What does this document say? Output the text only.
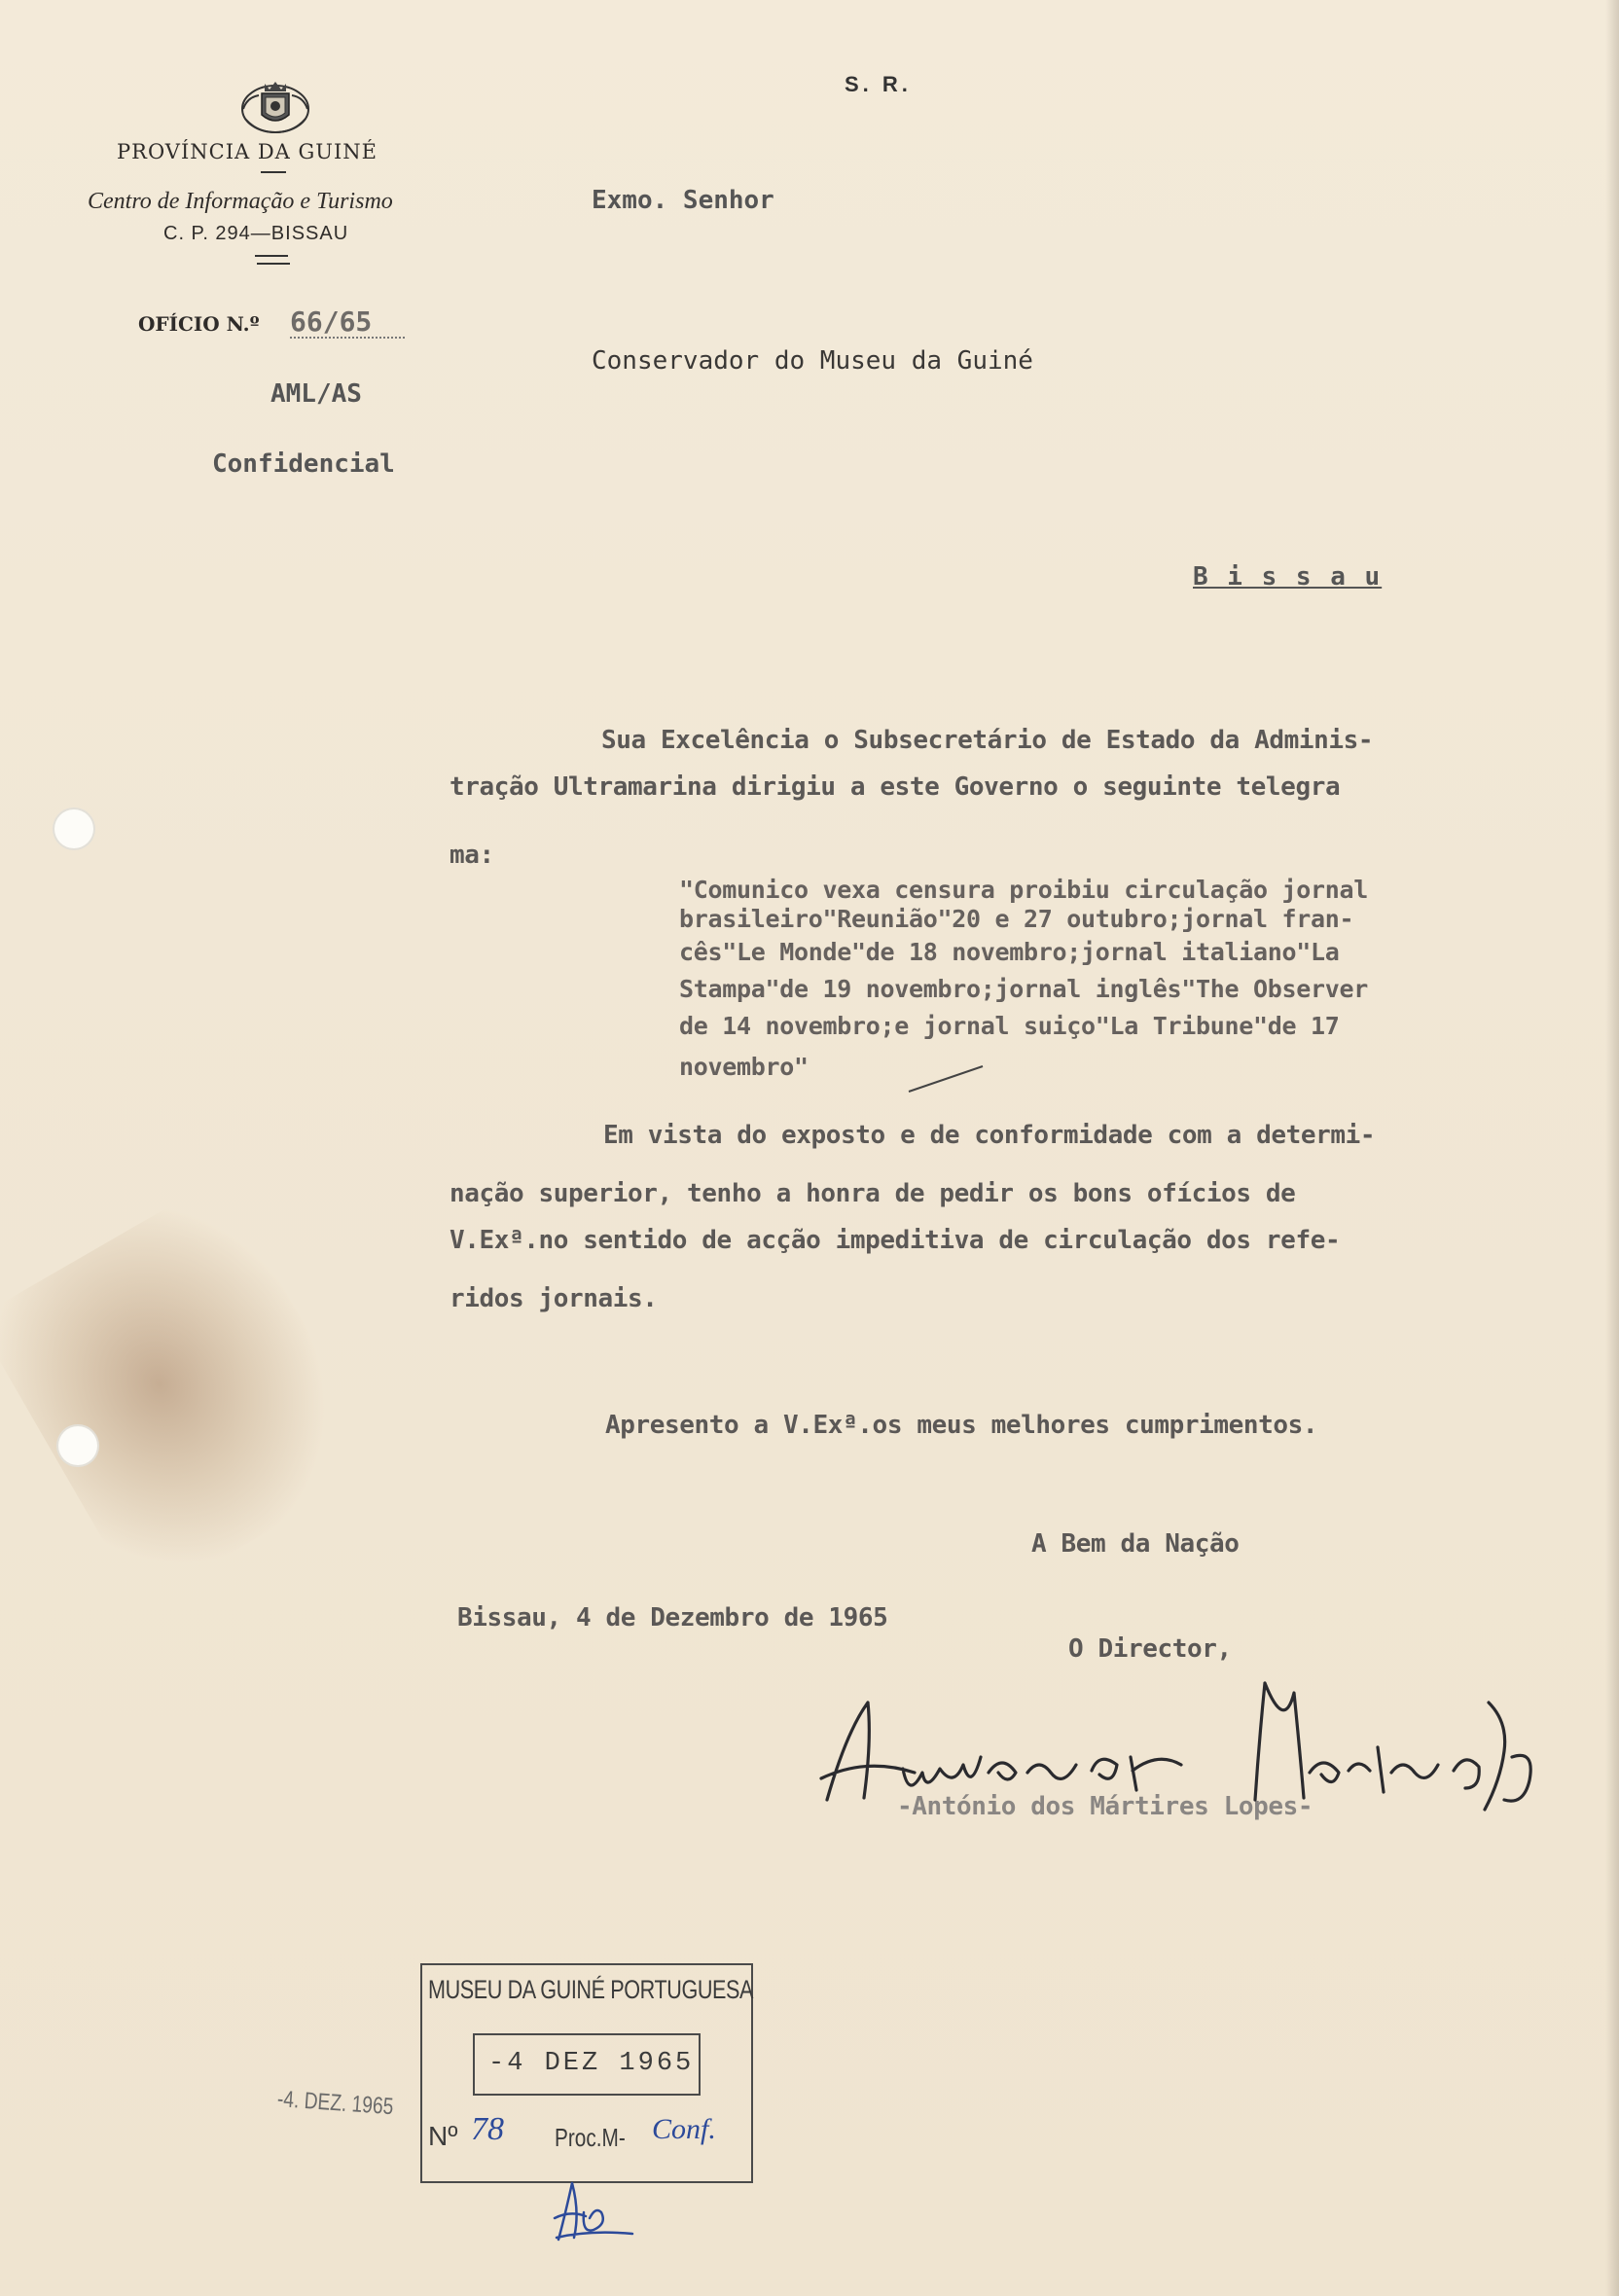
PROVÍNCIA DA GUINÉ
Centro de Informação e Turismo
C. P. 294—BISSAU
OFÍCIO N.º 66/65
AML/AS
Confidencial
S. R.
Exmo. Senhor
Conservador do Museu da Guiné
B i s s a u
Sua Excelência o Subsecretário de Estado da Adminis-
tração Ultramarina dirigiu a este Governo o seguinte telegra
ma:
"Comunico vexa censura proibiu circulação jornal
brasileiro"Reunião"20 e 27 outubro;jornal fran-
cês"Le Monde"de 18 novembro;jornal italiano"La
Stampa"de 19 novembro;jornal inglês"The Observer
de 14 novembro;e jornal suiço"La Tribune"de 17
novembro"
Em vista do exposto e de conformidade com a determi-
nação superior, tenho a honra de pedir os bons ofícios de
V.Exª.no sentido de acção impeditiva de circulação dos refe-
ridos jornais.
Apresento a V.Exª.os meus melhores cumprimentos.
A Bem da Nação
Bissau, 4 de Dezembro de 1965
O Director,
-António dos Mártires Lopes-
MUSEU DA GUINÉ PORTUGUESA
-4 DEZ 1965
Nº 78 Proc.M- Conf.
-4. DEZ. 1965
